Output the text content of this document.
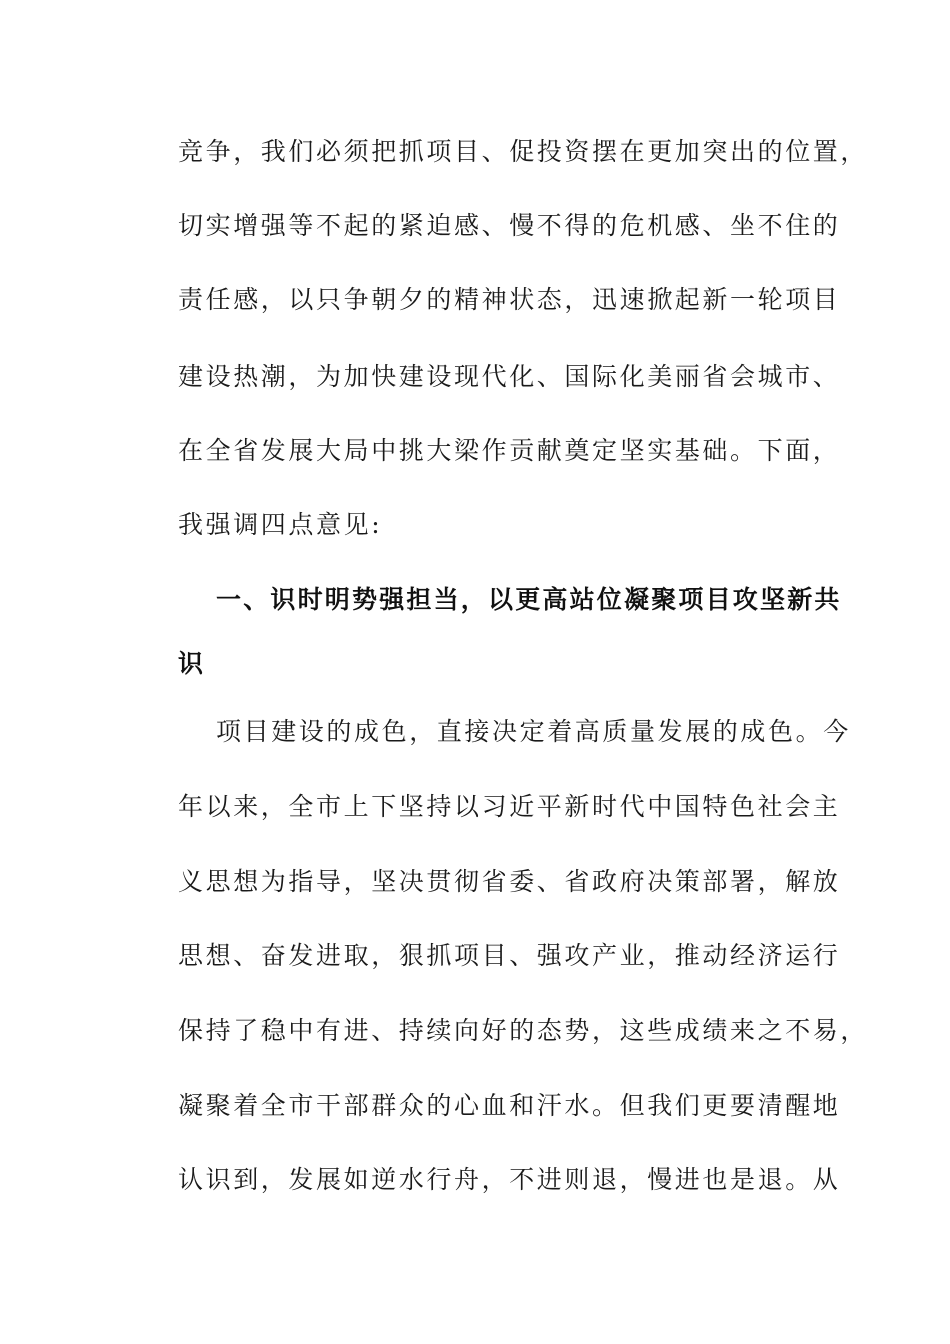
竞争，我们必须把抓项目、促投资摆在更加突出的位置，
切实增强等不起的紧迫感、慢不得的危机感、坐不住的
责任感，以只争朝夕的精神状态，迅速掀起新一轮项目
建设热潮，为加快建设现代化、国际化美丽省会城市、
在全省发展大局中挑大梁作贡献奠定坚实基础。下面，
我强调四点意见:
一、识时明势强担当，以更高站位凝聚项目攻坚新共
识
项目建设的成色，直接决定着高质量发展的成色。今
年以来，全市上下坚持以习近平新时代中国特色社会主
义思想为指导，坚决贯彻省委、省政府决策部署，解放
思想、奋发进取，狠抓项目、强攻产业，推动经济运行
保持了稳中有进、持续向好的态势，这些成绩来之不易，
凝聚着全市干部群众的心血和汗水。但我们更要清醒地
认识到，发展如逆水行舟，不进则退，慢进也是退。从
